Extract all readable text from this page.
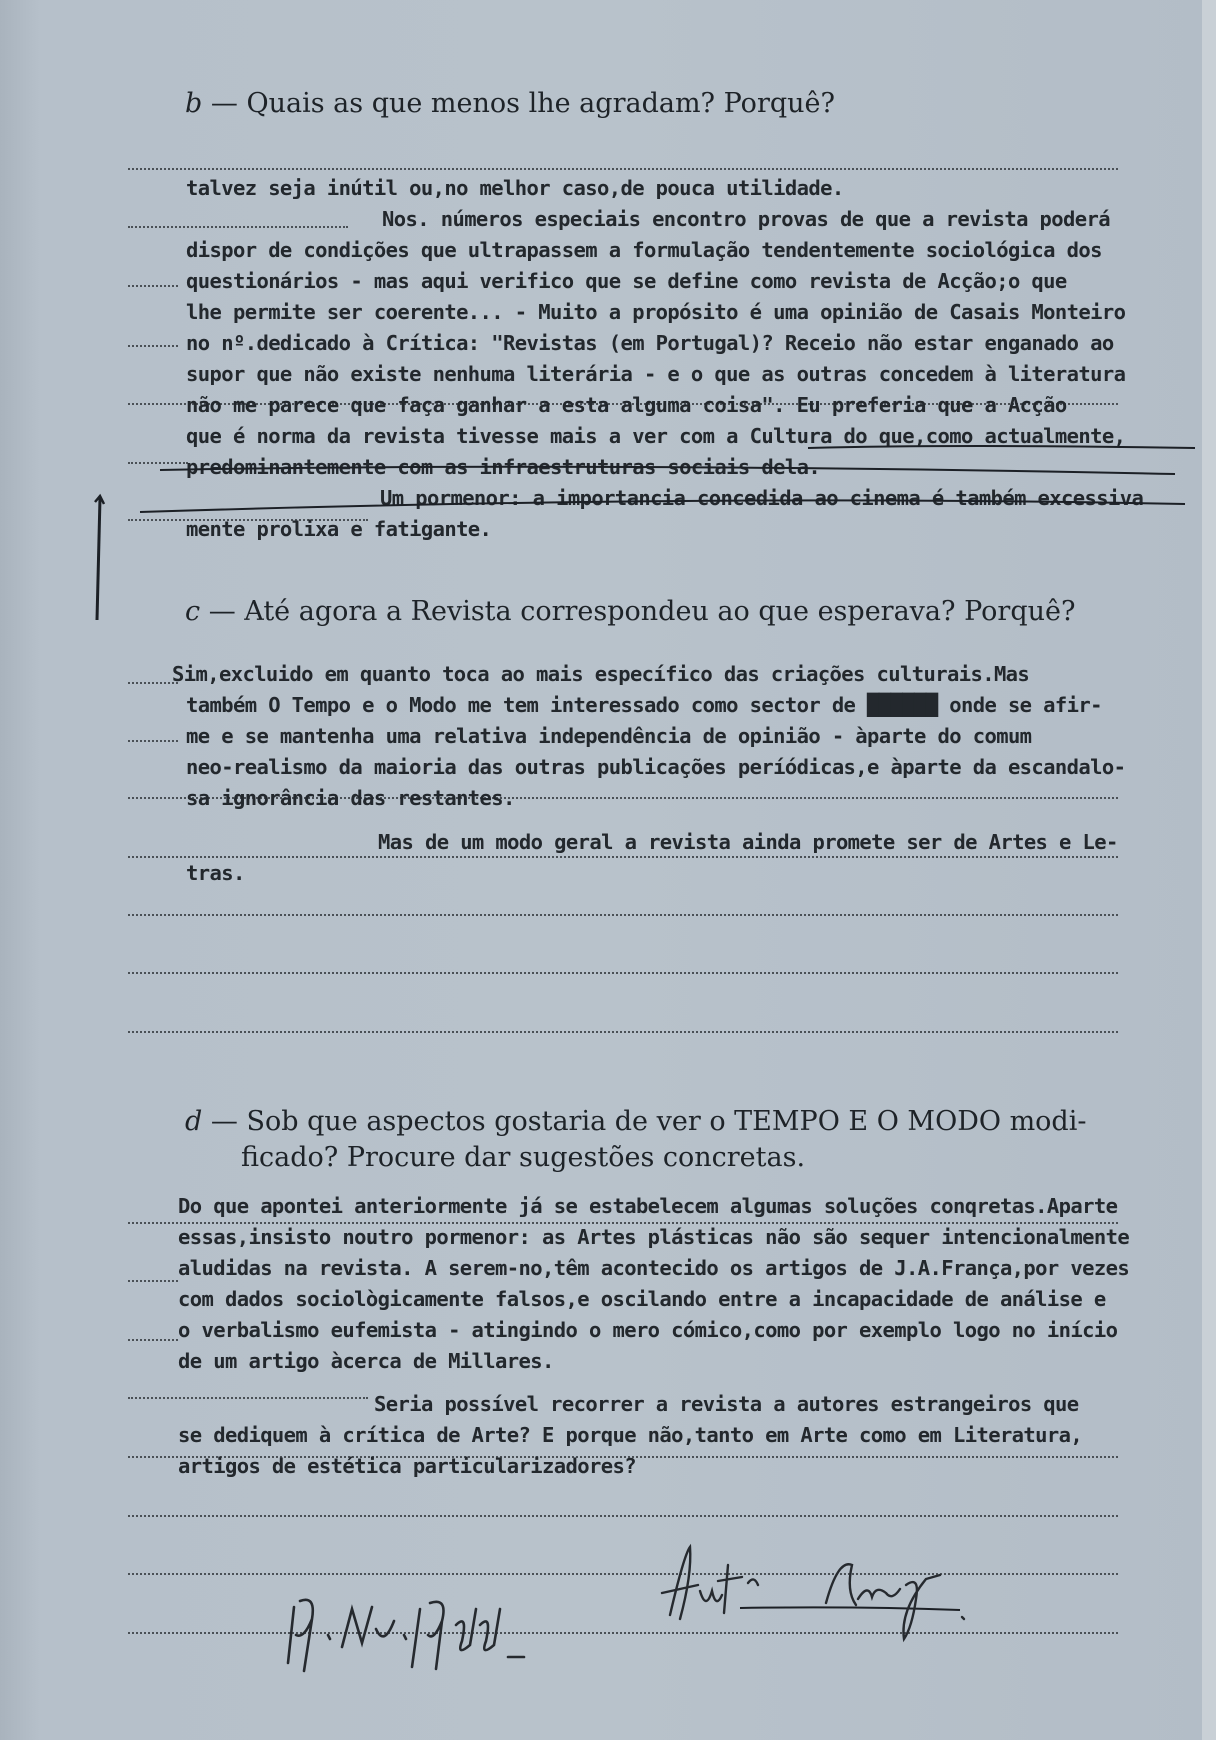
b — Quais as que menos lhe agradam? Porquê?
talvez seja inútil ou,no melhor caso,de pouca utilidade.
Nos. números especiais encontro provas de que a revista poderá
dispor de condições que ultrapassem a formulação tendentemente sociológica dos
questionários - mas aqui verifico que se define como revista de Acção;o que
lhe permite ser coerente... - Muito a propósito é uma opinião de Casais Monteiro
no nº.dedicado à Crítica: "Revistas (em Portugal)? Receio não estar enganado ao
supor que não existe nenhuma literária - e o que as outras concedem à literatura
não me parece que faça ganhar a esta alguma coisa". Eu preferia que a Acção
que é norma da revista tivesse mais a ver com a Cultura do que,como actualmente,
predominantemente com as infraestruturas sociais dela.
Um pormenor: a importancia concedida ao cinema é também excessiva
mente prolixa e fatigante.
c — Até agora a Revista correspondeu ao que esperava? Porquê?
Sim,excluido em quanto toca ao mais específico das criações culturais.Mas
também O Tempo e o Modo me tem interessado como sector de ██████ onde se afir-
me e se mantenha uma relativa independência de opinião - àparte do comum
neo-realismo da maioria das outras publicações períódicas,e àparte da escandalo-
sa ignorância das restantes.
Mas de um modo geral a revista ainda promete ser de Artes e Le-
tras.
d — Sob que aspectos gostaria de ver o TEMPO E O MODO modi-
ficado? Procure dar sugestões concretas.
Do que apontei anteriormente já se estabelecem algumas soluções conqretas.Aparte
essas,insisto noutro pormenor: as Artes plásticas não são sequer intencionalmente
aludidas na revista. A serem-no,têm acontecido os artigos de J.A.França,por vezes
com dados sociològicamente falsos,e oscilando entre a incapacidade de análise e
o verbalismo eufemista - atingindo o mero cómico,como por exemplo logo no início
de um artigo àcerca de Millares.
Seria possível recorrer a revista a autores estrangeiros que
se dediquem à crítica de Arte? E porque não,tanto em Arte como em Literatura,
artigos de estética particularizadores?
